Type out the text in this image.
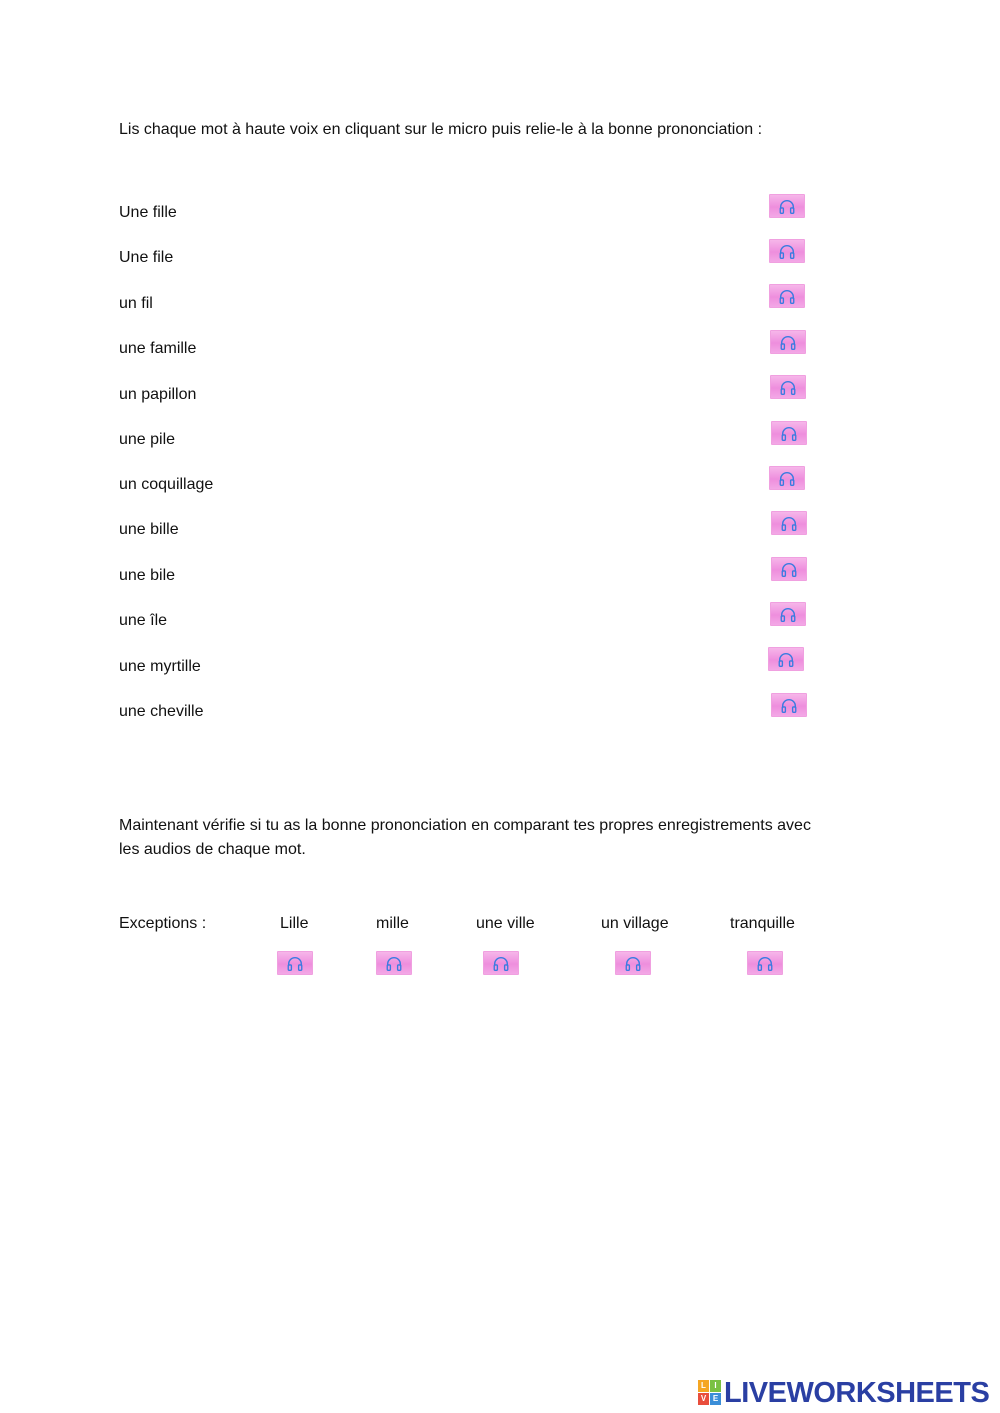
Lis chaque mot à haute voix en cliquant sur le micro puis relie-le à la bonne prononciation :
Une fille
Une file
un fil
une famille
un papillon
une pile
un coquillage
une bille
une bile
une île
une myrtille
une cheville
Maintenant vérifie si tu as la bonne prononciation en comparant tes propres enregistrements avec
les audios de chaque mot.
Exceptions :	Lille	mille	une ville	un village	tranquille
L	I
V E LIVEWORKSHEETS
